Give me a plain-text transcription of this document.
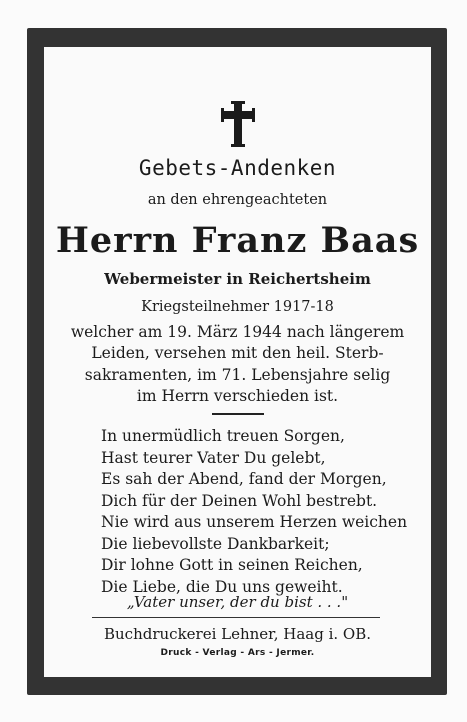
Gebets-Andenken
an den ehrengeachteten
Herrn Franz Baas
Webermeister in Reichertsheim
Kriegsteilnehmer 1917-18
welcher am 19. März 1944 nach längerem
Leiden, versehen mit den heil. Sterb-
sakramenten, im 71. Lebensjahre selig
im Herrn verschieden ist.
In unermüdlich treuen Sorgen,
Hast teurer Vater Du gelebt,
Es sah der Abend, fand der Morgen,
Dich für der Deinen Wohl bestrebt.
Nie wird aus unserem Herzen weichen
Die liebevollste Dankbarkeit;
Dir lohne Gott in seinen Reichen,
Die Liebe, die Du uns geweiht.
„Vater unser, der du bist . . ."
Buchdruckerei Lehner, Haag i. OB.
Druck - Verlag - Ars - Jermer.
